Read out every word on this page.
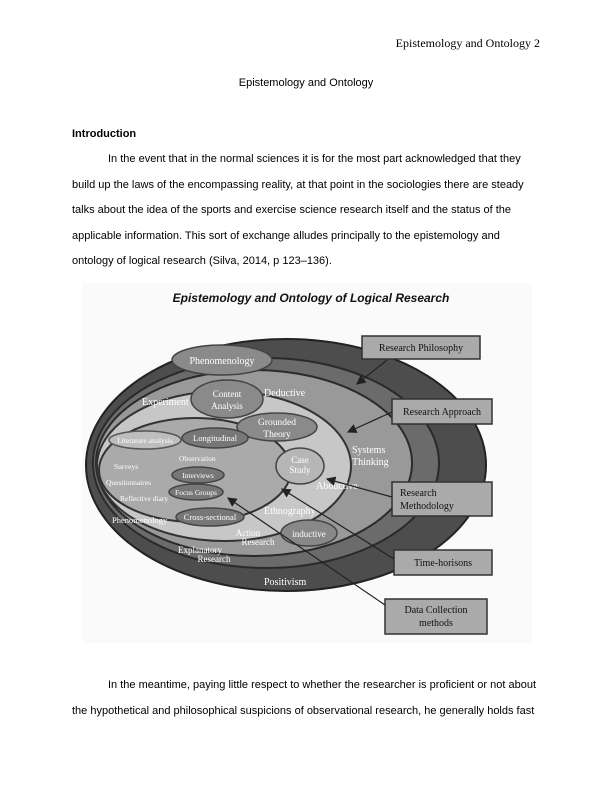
Epistemology and Ontology 2
Epistemology and Ontology
Introduction

In the event that in the normal sciences it is for the most part acknowledged that they
build up the laws of the encompassing reality, at that point in the sociologies there are steady
talks about the idea of the sports and exercise science research itself and the status of the
applicable information. This sort of exchange alludes principally to the epistemology and
ontology of logical research (Silva, 2014, p 123–136).

Epistemology and Ontology of Logical Research
Phenomenology
Content
Analysis
Experiment
Deductive
Abductive
Ethnography
Explanatory
Research
Action
Research
inductive
Positivism
Systems
Thinking
Grounded
Theory
Case
Study
Phenomenology Cross-sectional
Longitudinal
Literature analysis
Observation
Surveys
Interviews
Questionnaires
Focus Groups
Reflective diary
Research Philosophy
Research Approach
Research
Methodology
Time-horisons
Data Collection
methods

In the meantime, paying little respect to whether the researcher is proficient or not about
the hypothetical and philosophical suspicions of observational research, he generally holds fast
